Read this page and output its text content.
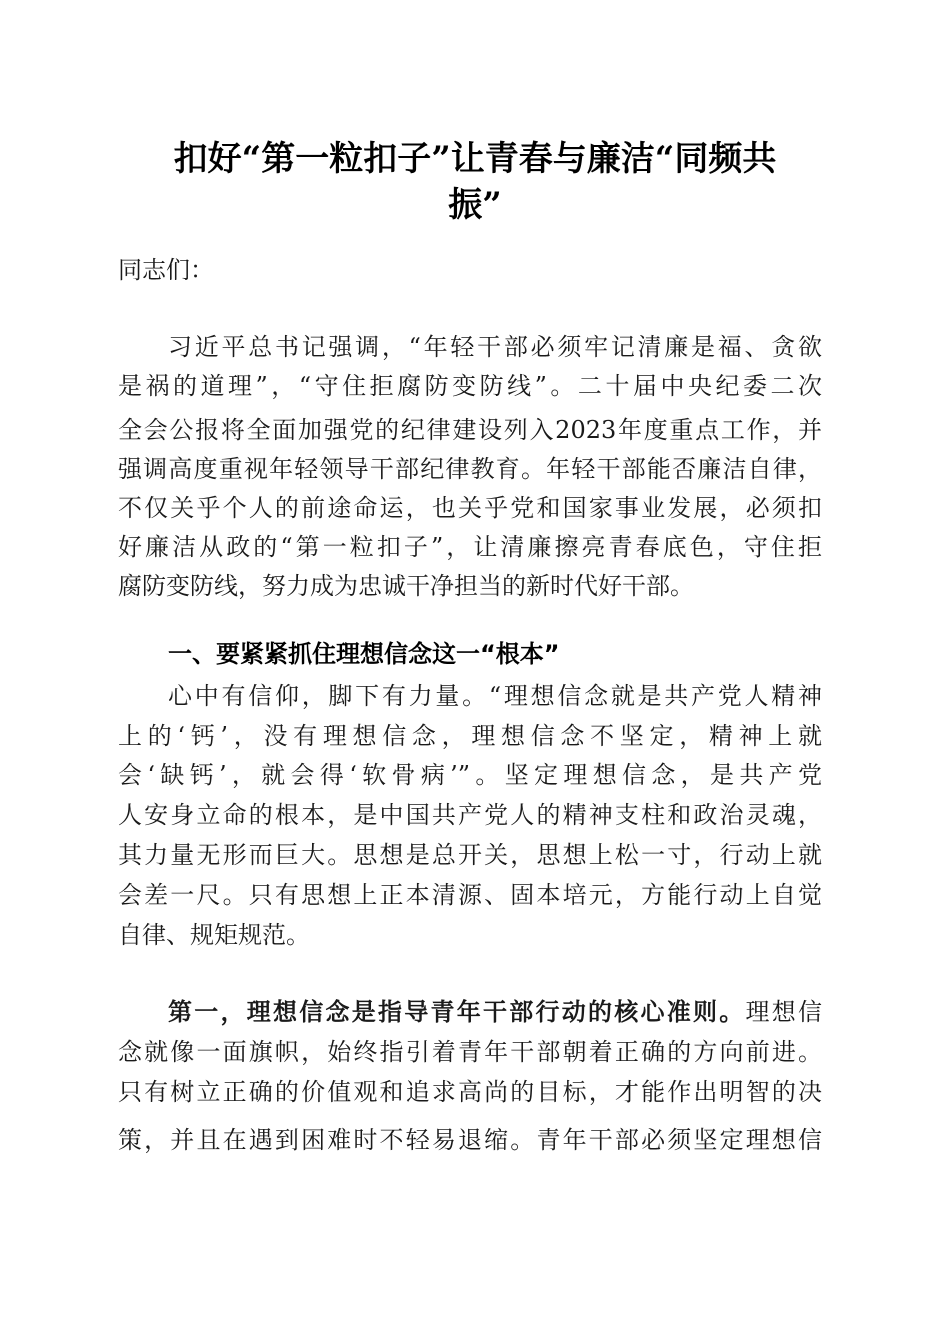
扣好“第一粒扣子”让青春与廉洁“同频共
振”
同志们：
习近平总书记强调，“年轻干部必须牢记清廉是福、贪欲
是祸的道理”，“守住拒腐防变防线”。二十届中央纪委二次
全会公报将全面加强党的纪律建设列入2023年度重点工作，并
强调高度重视年轻领导干部纪律教育。年轻干部能否廉洁自律，
不仅关乎个人的前途命运，也关乎党和国家事业发展，必须扣
好廉洁从政的“第一粒扣子”，让清廉擦亮青春底色，守住拒
腐防变防线，努力成为忠诚干净担当的新时代好干部。
一、要紧紧抓住理想信念这一“根本”
心中有信仰，脚下有力量。“理想信念就是共产党人精神
上的‘钙’，没有理想信念，理想信念不坚定，精神上就
会‘缺钙’，就会得‘软骨病’”。坚定理想信念，是共产党
人安身立命的根本，是中国共产党人的精神支柱和政治灵魂，
其力量无形而巨大。思想是总开关，思想上松一寸，行动上就
会差一尺。只有思想上正本清源、固本培元，方能行动上自觉
自律、规矩规范。
第一，理想信念是指导青年干部行动的核心准则。理想信
念就像一面旗帜，始终指引着青年干部朝着正确的方向前进。
只有树立正确的价值观和追求高尚的目标，才能作出明智的决
策，并且在遇到困难时不轻易退缩。青年干部必须坚定理想信
